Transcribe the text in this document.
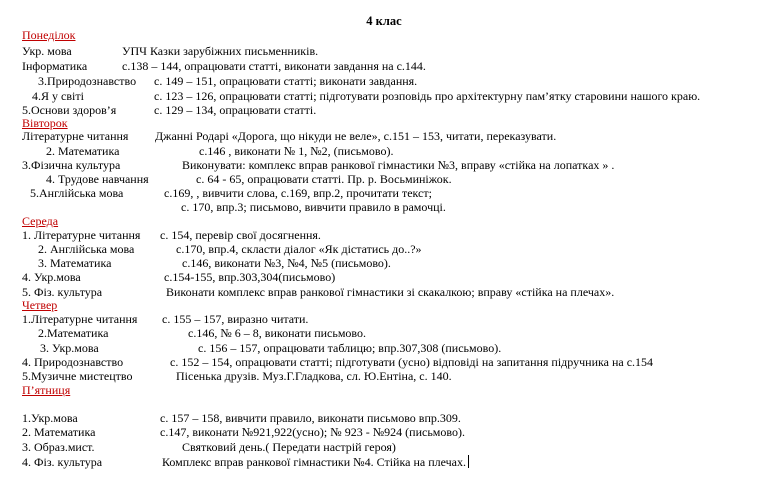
4 клас
Понеділок
Укр. мова	УПЧ Казки зарубіжних письменників.
Інформатика	с.138 – 144, опрацювати статті, виконати завдання на с.144.
3.Природознавство с. 149 – 151, опрацювати статті; виконати завдання.
4.Я у світі	с. 123 – 126, опрацювати статті; підготувати розповідь про архітектурну пам’ятку старовини нашого краю.
5.Основи здоров’я	с. 129 – 134, опрацювати статті.
Вівторок
Літературне читання Джанні Родарі «Дорога, що нікуди не веле», с.151 – 153, читати, переказувати.
2. Математика	с.146 , виконати № 1, №2, (письмово).
3.Фізична культура	Виконувати: комплекс вправ ранкової гімнастики №3, вправу «стійка на лопатках » .
4. Трудове навчання	с. 64 - 65, опрацювати статті. Пр. р. Восьминіжок.
5.Англійська мова	с.169, , вивчити слова, с.169, впр.2, прочитати текст;
с. 170, впр.3; письмово, вивчити правило в рамочці.
Середа
1. Літературне читання с. 154, перевір свої досягнення.
2. Англійська мова	с.170, впр.4, скласти діалог «Як дістатись до..?»
3. Математика	с.146, виконати №3, №4, №5 (письмово).
4. Укр.мова	с.154-155, впр.303,304(письмово)
5. Фіз. культура	Виконати комплекс вправ ранкової гімнастики зі скакалкою; вправу «стійка на плечах».
Четвер
1.Літературне читання с. 155 – 157, виразно читати.
2.Математика	с.146, № 6 – 8, виконати письмово.
3. Укр.мова	с. 156 – 157, опрацювати таблицю; впр.307,308 (письмово).
4. Природознавство	с. 152 – 154, опрацювати статті; підготувати (усно) відповіді на запитання підручника на с.154
5.Музичне мистецтво	Пісенька друзів. Муз.Г.Гладкова, сл. Ю.Ентіна, с. 140.
П’ятниця
1.Укр.мова	с. 157 – 158, вивчити правило, виконати письмово впр.309.
2. Математика	с.147, виконати №921,922(усно); № 923 - №924 (письмово).
3. Образ.мист.	Святковий день.( Передати настрій героя)
4. Фіз. культура	Комплекс вправ ранкової гімнастики №4. Стійка на плечах.
